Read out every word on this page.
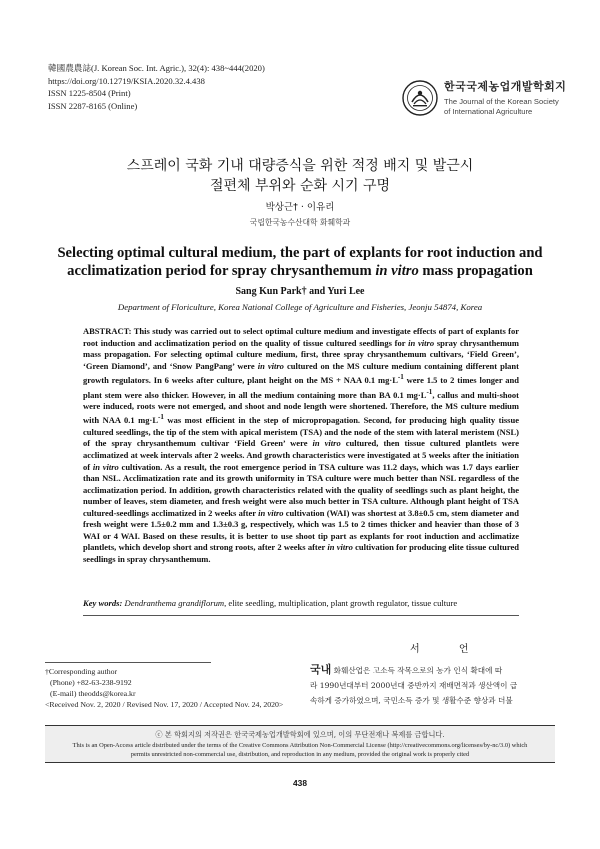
韓國農農誌(J. Korean Soc. Int. Agric.), 32(4): 438~444(2020)
https://doi.org/10.12719/KSIA.2020.32.4.438
ISSN 1225-8504 (Print)
ISSN 2287-8165 (Online)
한국국제농업개발학회지
The Journal of the Korean Society
of International Agriculture
스프레이 국화 기내 대량증식을 위한 적정 배지 및 발근시
절편체 부위와 순화 시기 구명
박상근† · 이유리
국립한국농수산대학 화훼학과
Selecting optimal cultural medium, the part of explants for root induction and acclimatization period for spray chrysanthemum in vitro mass propagation
Sang Kun Park† and Yuri Lee
Department of Floriculture, Korea National College of Agriculture and Fisheries, Jeonju 54874, Korea
ABSTRACT: This study was carried out to select optimal culture medium and investigate effects of part of explants for root induction and acclimatization period on the quality of tissue cultured seedlings for in vitro spray chrysanthemum mass propagation. For selecting optimal culture medium, first, three spray chrysanthemum cultivars, ‘Field Green’, ‘Green Diamond’, and ‘Snow PangPang’ were in vitro cultured on the MS culture medium containing different plant growth regulators. In 6 weeks after culture, plant height on the MS + NAA 0.1 $mg\cdot L^{-1}$ were 1.5 to 2 times longer and plant stem were also thicker. However, in all the medium containing more than BA 0.1 $mg\cdot L^{-1}$, callus and multi-shoot were induced, roots were not emerged, and shoot and node length were shortened. Therefore, the MS culture medium with NAA 0.1 $mg\cdot L^{-1}$ was most efficient in the step of micropropagation. Second, for producing high quality tissue cultured seedlings, the tip of the stem with apical meristem (TSA) and the node of the stem with lateral meristem (NSL) of the spray chrysanthemum cultivar ‘Field Green’ were in vitro cultured, then tissue cultured plantlets were acclimatized at week intervals after 2 weeks. And growth characteristics were investigated at 5 weeks after the initiation of in vitro cultivation. As a result, the root emergence period in TSA culture was 11.2 days, which was 1.7 days earlier than NSL. Acclimatization rate and its growth uniformity in TSA culture were much better than NSL regardless of the acclimatization period. In addition, growth characteristics related with the quality of seedlings such as plant height, the number of leaves, stem diameter, and fresh weight were also much better in TSA culture. Although plant height of TSA cultured-seedlings acclimatized in 2 weeks after in vitro cultivation (WAI) was shortest at 3.8±0.5 cm, stem diameter and fresh weight were 1.5±0.2 mm and 1.3±0.3 g, respectively, which was 1.5 to 2 times thicker and heavier than those of 3 WAI or 4 WAI. Based on these results, it is better to use shoot tip part as explants for root induction and acclimatize plantlets, which develop short and strong roots, after 2 weeks after in vitro cultivation for producing elite tissue cultured seedlings in spray chrysanthemum.
Key words: Dendranthema grandiflorum, elite seedling, multiplication, plant growth regulator, tissue culture
서 언
국내 화훼산업은 고소득 작목으로의 농가 인식 확대에 따
라 1990년대부터 2000년대 중반까지 재배면적과 생산액이 급
속하게 증가하였으며, 국민소득 증가 및 생활수준 향상과 더불
†Corresponding author
(Phone) +82-63-238-9192
(E-mail) theodds@korea.kr
<Received Nov. 2, 2020 / Revised Nov. 17, 2020 / Accepted Nov. 24, 2020>
ⓒ 본 학회지의 저작권은 한국국제농업개발학회에 있으며, 이의 무단전재나 복제를 금합니다.
This is an Open-Access article distributed under the terms of the Creative Commons Attribution Non-Commercial License (http://creativecommons.org/licenses/by-nc/3.0) which
permits unrestricted non-commercial use, distribution, and reproduction in any medium, provided the original work is properly cited
438
